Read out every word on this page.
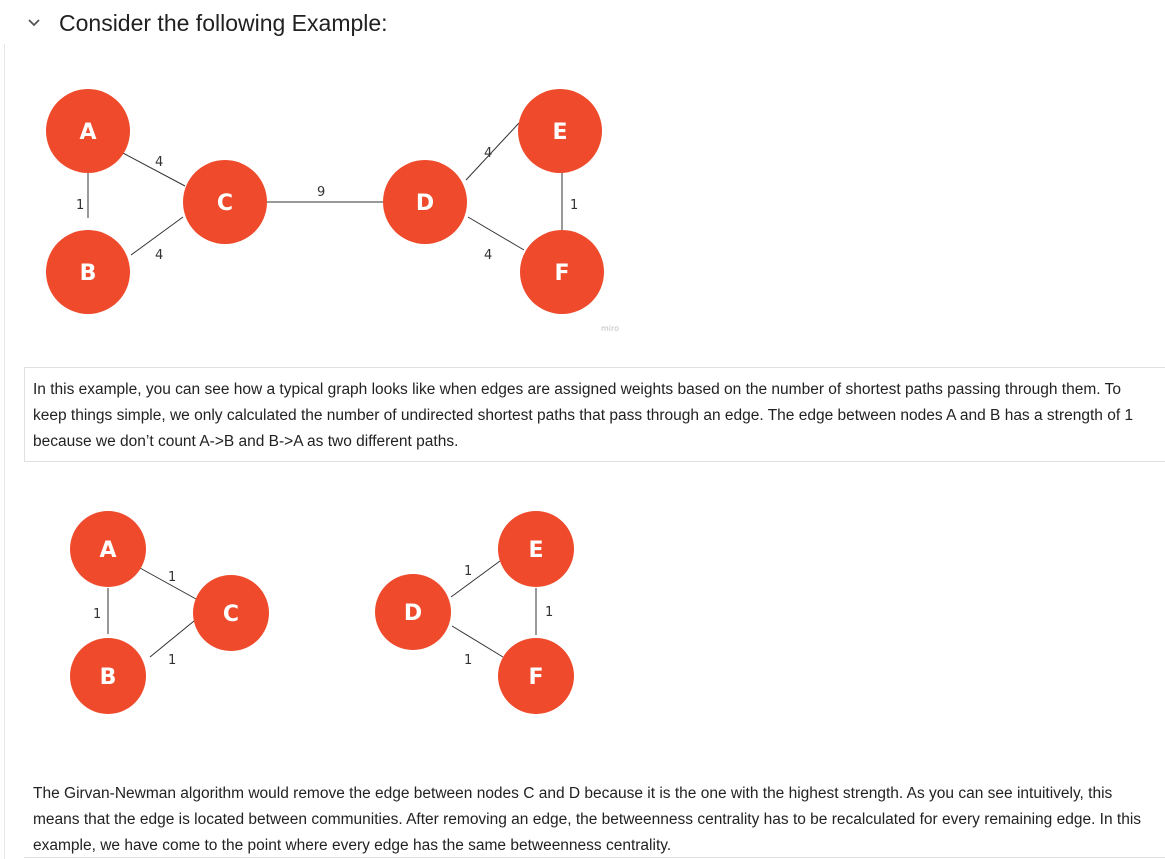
Consider the following Example:
A
B
C	D
E
F
1
4
4
9
4
4
1
miro
In this example, you can see how a typical graph looks like when edges are assigned weights based on the number of shortest paths passing through them. To keep things simple, we only calculated the number of undirected shortest paths that pass through an edge. The edge between nodes A and B has a strength of 1 because we don’t count A->B and B->A as two different paths.
A
B
C	D
E
F
1
1
1
1
1
1
The Girvan-Newman algorithm would remove the edge between nodes C and D because it is the one with the highest strength. As you can see intuitively, this means that the edge is located between communities. After removing an edge, the betweenness centrality has to be recalculated for every remaining edge. In this example, we have come to the point where every edge has the same betweenness centrality.
